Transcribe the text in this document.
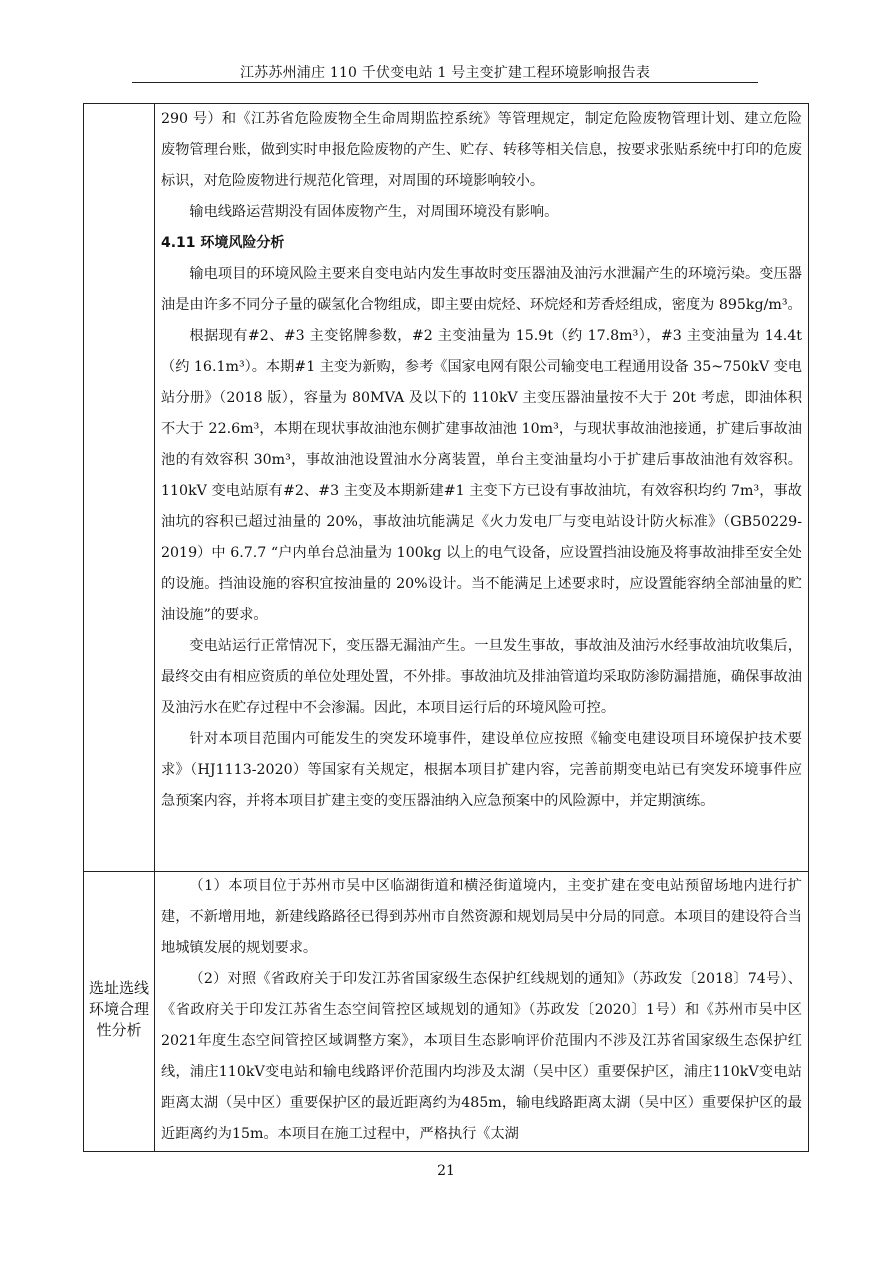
江苏苏州浦庄 110 千伏变电站 1 号主变扩建工程环境影响报告表

290 号）和《江苏省危险废物全生命周期监控系统》等管理规定，制定危险废物管理计划、建立危险废物管理台账，做到实时申报危险废物的产生、贮存、转移等相关信息，按要求张贴系统中打印的危废标识，对危险废物进行规范化管理，对周围的环境影响较小。

输电线路运营期没有固体废物产生，对周围环境没有影响。

4.11 环境风险分析

输电项目的环境风险主要来自变电站内发生事故时变压器油及油污水泄漏产生的环境污染。变压器油是由许多不同分子量的碳氢化合物组成，即主要由烷烃、环烷烃和芳香烃组成，密度为 895kg/m³。

根据现有#2、#3 主变铭牌参数，#2 主变油量为 15.9t（约 17.8m³），#3 主变油量为 14.4t（约 16.1m³）。本期#1 主变为新购，参考《国家电网有限公司输变电工程通用设备 35~750kV 变电站分册》（2018 版），容量为 80MVA 及以下的 110kV 主变压器油量按不大于 20t 考虑，即油体积不大于 22.6m³，本期在现状事故油池东侧扩建事故油池 10m³，与现状事故油池接通，扩建后事故油池的有效容积 30m³，事故油池设置油水分离装置，单台主变油量均小于扩建后事故油池有效容积。110kV 变电站原有#2、#3 主变及本期新建#1 主变下方已设有事故油坑，有效容积均约 7m³，事故油坑的容积已超过油量的 20%，事故油坑能满足《火力发电厂与变电站设计防火标准》（GB50229-2019）中 6.7.7 “户内单台总油量为 100kg 以上的电气设备，应设置挡油设施及将事故油排至安全处的设施。挡油设施的容积宜按油量的 20%设计。当不能满足上述要求时，应设置能容纳全部油量的贮油设施”的要求。

变电站运行正常情况下，变压器无漏油产生。一旦发生事故，事故油及油污水经事故油坑收集后，最终交由有相应资质的单位处理处置，不外排。事故油坑及排油管道均采取防渗防漏措施，确保事故油及油污水在贮存过程中不会渗漏。因此，本项目运行后的环境风险可控。

针对本项目范围内可能发生的突发环境事件，建设单位应按照《输变电建设项目环境保护技术要求》（HJ1113-2020）等国家有关规定，根据本项目扩建内容，完善前期变电站已有突发环境事件应急预案内容，并将本项目扩建主变的变压器油纳入应急预案中的风险源中，并定期演练。

选址选线环境合理性分析

（1）本项目位于苏州市吴中区临湖街道和横泾街道境内，主变扩建在变电站预留场地内进行扩建，不新增用地，新建线路路径已得到苏州市自然资源和规划局吴中分局的同意。本项目的建设符合当地城镇发展的规划要求。

（2）对照《省政府关于印发江苏省国家级生态保护红线规划的通知》（苏政发〔2018〕74号）、《省政府关于印发江苏省生态空间管控区域规划的通知》（苏政发〔2020〕1号）和《苏州市吴中区2021年度生态空间管控区域调整方案》，本项目生态影响评价范围内不涉及江苏省国家级生态保护红线，浦庄110kV变电站和输电线路评价范围内均涉及太湖（吴中区）重要保护区，浦庄110kV变电站距离太湖（吴中区）重要保护区的最近距离约为485m，输电线路距离太湖（吴中区）重要保护区的最近距离约为15m。本项目在施工过程中，严格执行《太湖

21
